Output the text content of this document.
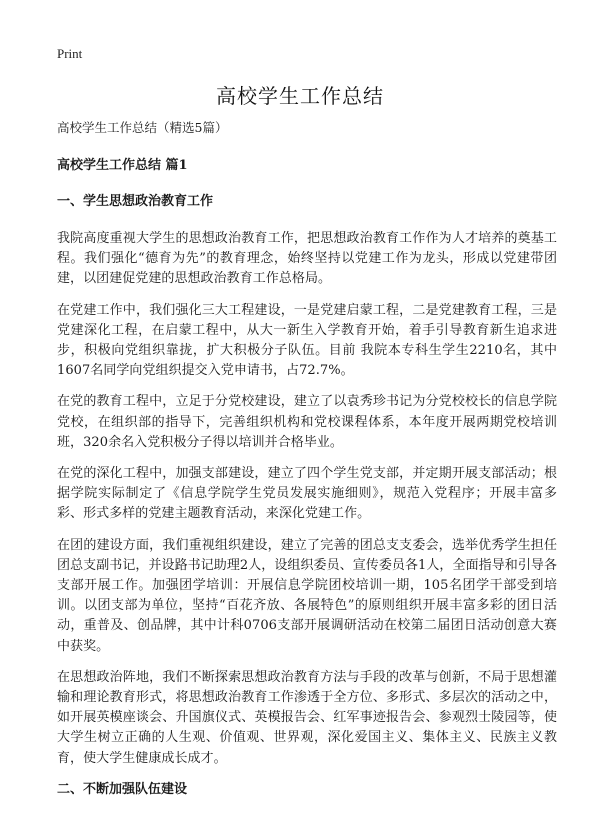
Print
高校学生工作总结

高校学生工作总结（精选5篇）

高校学生工作总结 篇1

一、学生思想政治教育工作

我院高度重视大学生的思想政治教育工作，把思想政治教育工作作为人才培养的奠基工程。我们强化“德育为先”的教育理念，始终坚持以党建工作为龙头，形成以党建带团建，以团建促党建的思想政治教育工作总格局。

在党建工作中，我们强化三大工程建设，一是党建启蒙工程，二是党建教育工程，三是党建深化工程，在启蒙工程中，从大一新生入学教育开始，着手引导教育新生追求进步，积极向党组织靠拢，扩大积极分子队伍。目前 我院本专科生学生2210名，其中1607名同学向党组织提交入党申请书，占72.7%。

在党的教育工程中，立足于分党校建设，建立了以袁秀珍书记为分党校校长的信息学院党校，在组织部的指导下，完善组织机构和党校课程体系，本年度开展两期党校培训班，320余名入党积极分子得以培训并合格毕业。

在党的深化工程中，加强支部建设，建立了四个学生党支部，并定期开展支部活动；根据学院实际制定了《信息学院学生党员发展实施细则》，规范入党程序；开展丰富多彩、形式多样的党建主题教育活动，来深化党建工作。

在团的建设方面，我们重视组织建设，建立了完善的团总支支委会，选举优秀学生担任团总支副书记，并设路书记助理2人，设组织委员、宣传委员各1人，全面指导和引导各支部开展工作。加强团学培训：开展信息学院团校培训一期，105名团学干部受到培训。以团支部为单位，坚持“百花齐放、各展特色”的原则组织开展丰富多彩的团日活动，重普及、创品牌，其中计科0706支部开展调研活动在校第二届团日活动创意大赛中获奖。

在思想政治阵地，我们不断探索思想政治教育方法与手段的改革与创新，不局于思想灌输和理论教育形式，将思想政治教育工作渗透于全方位、多形式、多层次的活动之中，如开展英模座谈会、升国旗仪式、英模报告会、红军事迹报告会、参观烈士陵园等，使大学生树立正确的人生观、价值观、世界观，深化爱国主义、集体主义、民族主义教育，使大学生健康成长成才。

二、不断加强队伍建设
